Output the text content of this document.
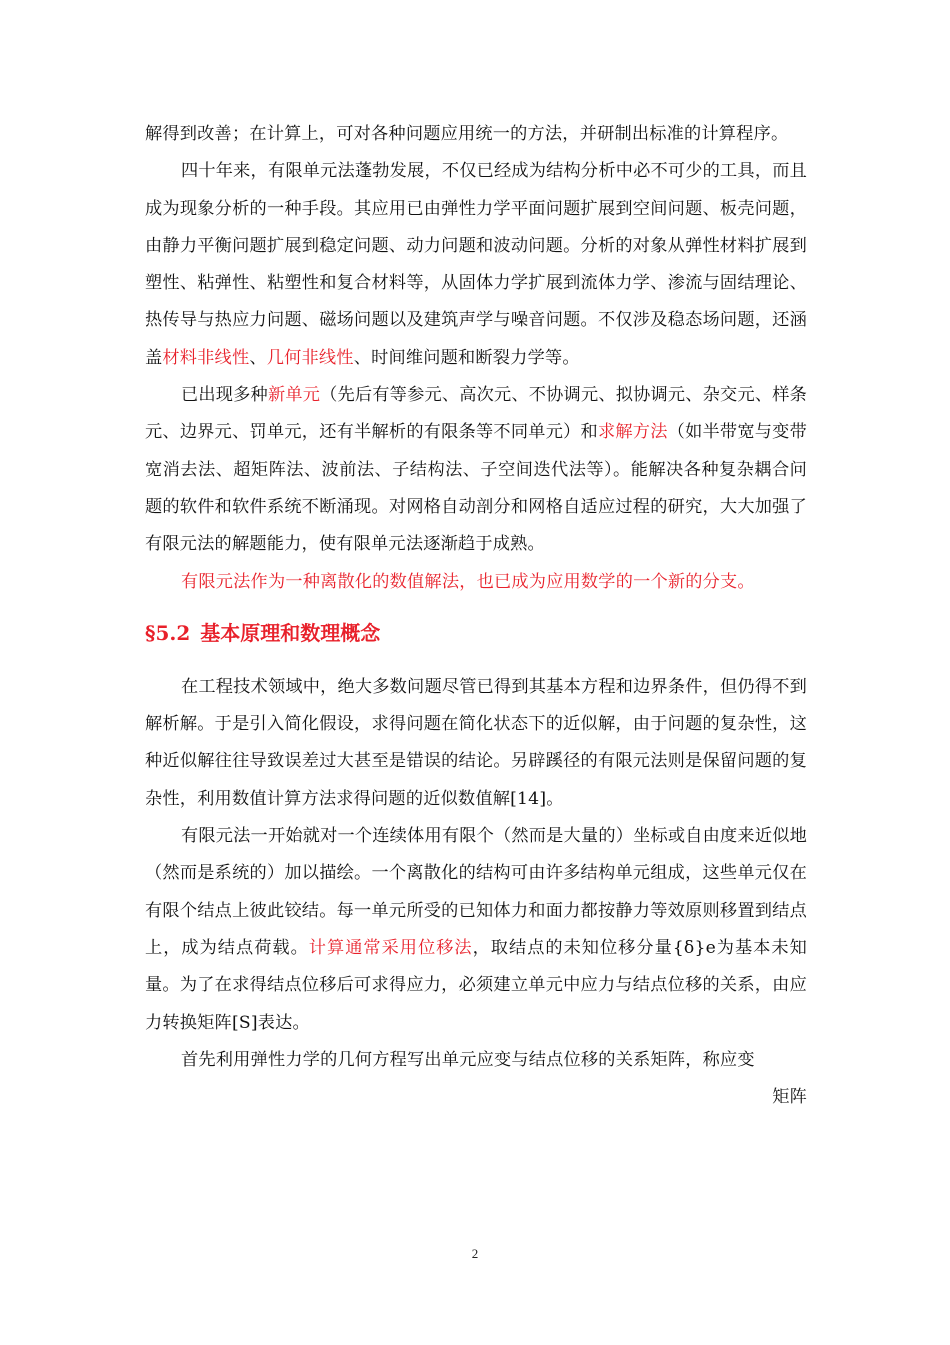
解得到改善；在计算上，可对各种问题应用统一的方法，并研制出标准的计算程序。

四十年来，有限单元法蓬勃发展，不仅已经成为结构分析中必不可少的工具，而且成为现象分析的一种手段。其应用已由弹性力学平面问题扩展到空间问题、板壳问题，由静力平衡问题扩展到稳定问题、动力问题和波动问题。分析的对象从弹性材料扩展到塑性、粘弹性、粘塑性和复合材料等，从固体力学扩展到流体力学、渗流与固结理论、热传导与热应力问题、磁场问题以及建筑声学与噪音问题。不仅涉及稳态场问题，还涵盖材料非线性、几何非线性、时间维问题和断裂力学等。

已出现多种新单元（先后有等参元、高次元、不协调元、拟协调元、杂交元、样条元、边界元、罚单元，还有半解析的有限条等不同单元）和求解方法（如半带宽与变带宽消去法、超矩阵法、波前法、子结构法、子空间迭代法等）。能解决各种复杂耦合问题的软件和软件系统不断涌现。对网格自动剖分和网格自适应过程的研究，大大加强了有限元法的解题能力，使有限单元法逐渐趋于成熟。

有限元法作为一种离散化的数值解法，也已成为应用数学的一个新的分支。

§5.2 基本原理和数理概念

在工程技术领域中，绝大多数问题尽管已得到其基本方程和边界条件，但仍得不到解析解。于是引入简化假设，求得问题在简化状态下的近似解，由于问题的复杂性，这种近似解往往导致误差过大甚至是错误的结论。另辟蹊径的有限元法则是保留问题的复杂性，利用数值计算方法求得问题的近似数值解[14]。

有限元法一开始就对一个连续体用有限个（然而是大量的）坐标或自由度来近似地（然而是系统的）加以描绘。一个离散化的结构可由许多结构单元组成，这些单元仅在有限个结点上彼此铰结。每一单元所受的已知体力和面力都按静力等效原则移置到结点上，成为结点荷载。计算通常采用位移法，取结点的未知位移分量{δ}e为基本未知量。为了在求得结点位移后可求得应力，必须建立单元中应力与结点位移的关系，由应力转换矩阵[S]表达。

首先利用弹性力学的几何方程写出单元应变与结点位移的关系矩阵，称应变

矩阵

2
